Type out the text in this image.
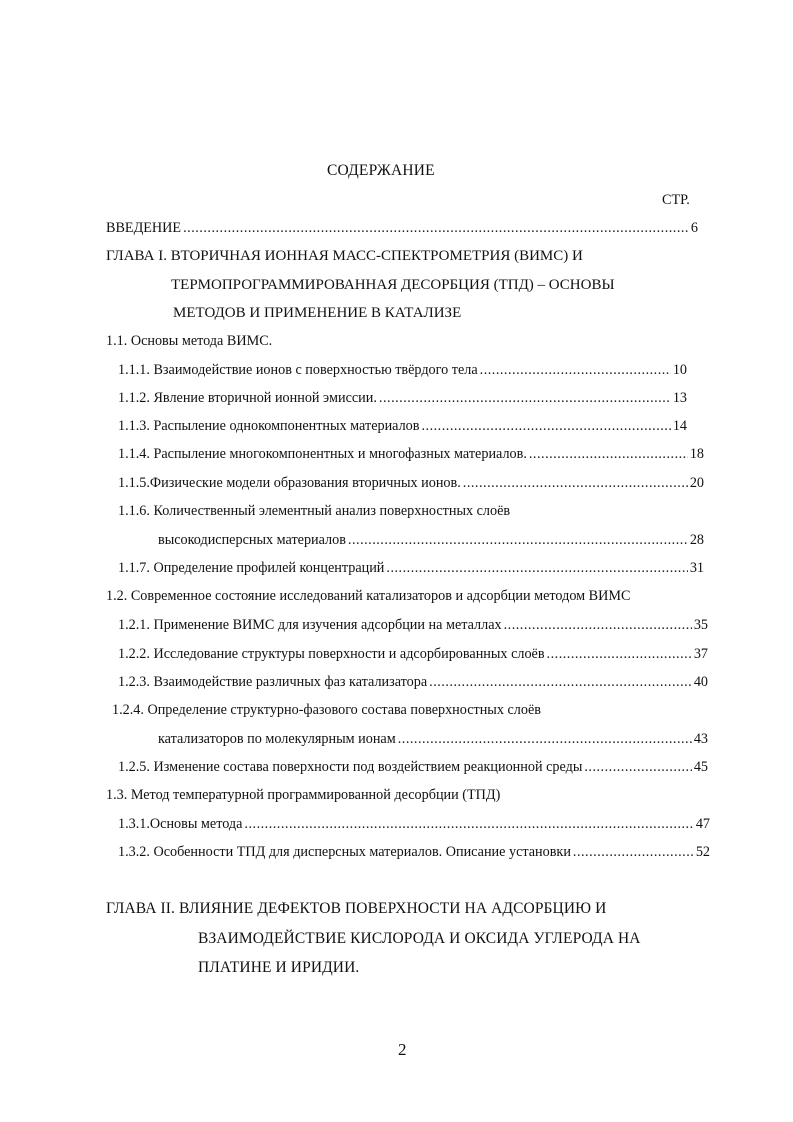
СОДЕРЖАНИЕ
СТР.
ВВЕДЕНИЕ .....	6
ГЛАВА I. ВТОРИЧНАЯ ИОННАЯ МАСС-СПЕКТРОМЕТРИЯ (ВИМС) И
ТЕРМОПРОГРАММИРОВАННАЯ ДЕСОРБЦИЯ (ТПД) – ОСНОВЫ
МЕТОДОВ И ПРИМЕНЕНИЕ В КАТАЛИЗЕ
1.1. Основы метода ВИМС.
1.1.1. Взаимодействие ионов с поверхностью твёрдого тела .....	10
1.1.2. Явление вторичной ионной эмиссии. .....	13
1.1.3. Распыление однокомпонентных материалов .....	14
1.1.4. Распыление многокомпонентных и многофазных материалов. .....	18
1.1.5.Физические модели образования вторичных ионов. .....	20
1.1.6. Количественный элементный анализ поверхностных слоёв
высокодисперсных материалов .....	28
1.1.7. Определение профилей концентраций .....	31
1.2. Современное состояние исследований катализаторов и адсорбции методом ВИМС
1.2.1. Применение ВИМС для изучения адсорбции на металлах .....	35
1.2.2. Исследование структуры поверхности и адсорбированных слоёв .....	37
1.2.3. Взаимодействие различных фаз катализатора .....	40
1.2.4. Определение структурно-фазового состава поверхностных слоёв
катализаторов по молекулярным ионам .....	43
1.2.5. Изменение состава поверхности под воздействием реакционной среды .....	45
1.3. Метод температурной программированной десорбции (ТПД)
1.3.1.Основы метода .....	47
1.3.2. Особенности ТПД для дисперсных материалов. Описание установки .....	52
ГЛАВА II. ВЛИЯНИЕ ДЕФЕКТОВ ПОВЕРХНОСТИ НА АДСОРБЦИЮ И
ВЗАИМОДЕЙСТВИЕ КИСЛОРОДА И ОКСИДА УГЛЕРОДА НА
ПЛАТИНЕ И ИРИДИИ.
2
